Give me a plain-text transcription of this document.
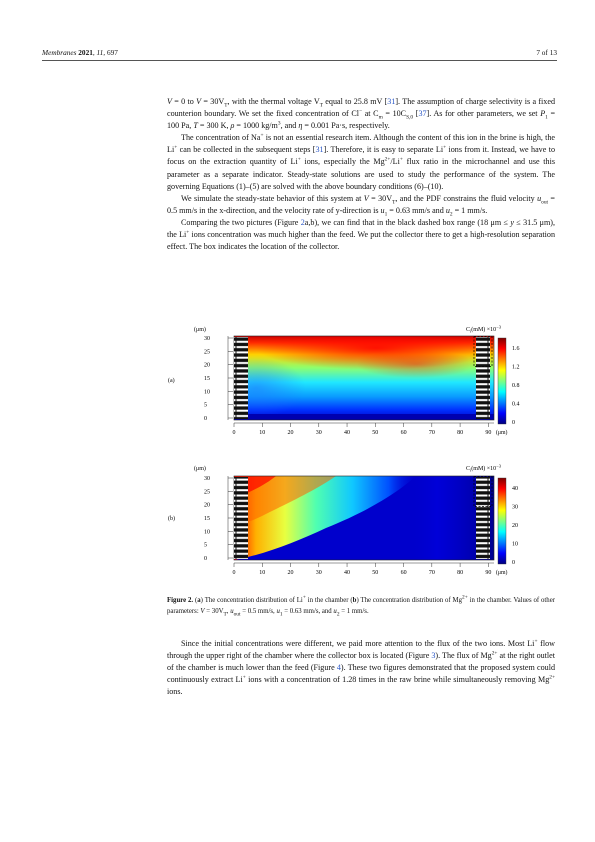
Membranes 2021, 11, 697	7 of 13

V = 0 to $V = 30V_T$, with the thermal voltage $V_T$ equal to 25.8 mV [31]. The assumption of charge selectivity is a fixed counterion boundary. We set the fixed concentration of Cl− at $C_m = 10C_{S,0}$ [37]. As for other parameters, we set $P_1 = 100$ Pa, T = 300 K, ρ = 1000 $kg/m^3$, and η = 0.001 Pa·s, respectively.

The concentration of Na+ is not an essential research item. Although the content of this ion in the brine is high, the Li+ can be collected in the subsequent steps [31]. Therefore, it is easy to separate Li+ ions from it. Instead, we have to focus on the extraction quantity of Li+ ions, especially the $Mg^{2+}/Li^+$ flux ratio in the microchannel and use this parameter as a separate indicator. Steady-state solutions are used to study the performance of the system. The governing Equations (1)–(5) are solved with the above boundary conditions (6)–(10).

We simulate the steady-state behavior of this system at $V = 30V_T$, and the PDF constrains the fluid velocity $u_{out} = 0.5$ mm/s in the x-direction, and the velocity rate of y-direction is $u_1 = 0.63$ mm/s and $u_2 = 1$ mm/s.

Comparing the two pictures (Figure 2a,b), we can find that in the black dashed box range (18 μm ≤ y ≤ 31.5 μm), the Li+ ions concentration was much higher than the feed. We put the collector there to get a high-resolution separation effect. The box indicates the location of the collector.

(a)
(μm)
30
25
20
15
10
5
0
0	10	20	30	40	50	60	70	80	90 (μm)
$C_i(mM) \times 10^{-3}$
1.6
1.2
0.8
0.4
0
(b)
(μm)
30
25
20
15
10
5
0
0	10	20	30	40	50	60	70	80	90 (μm)
$C_i(mM) \times 10^{-3}$
40
30
20
10
0
Figure 2. (a) The concentration distribution of Li+ in the chamber (b) The concentration distribution of $Mg^{2+}$ in the chamber. Values of other parameters: $V = 30V_T$, $u_{out} = 0.5$ mm/s, $u_1 = 0.63$ mm/s, and $u_2 = 1$ mm/s.

Since the initial concentrations were different, we paid more attention to the flux of the two ions. Most Li+ flow through the upper right of the chamber where the collector box is located (Figure 3). The flux of $Mg^{2+}$ at the right outlet of the chamber is much lower than the feed (Figure 4). These two figures demonstrated that the proposed system could continuously extract Li+ ions with a concentration of 1.28 times in the raw brine while simultaneously removing $Mg^{2+}$ ions.
